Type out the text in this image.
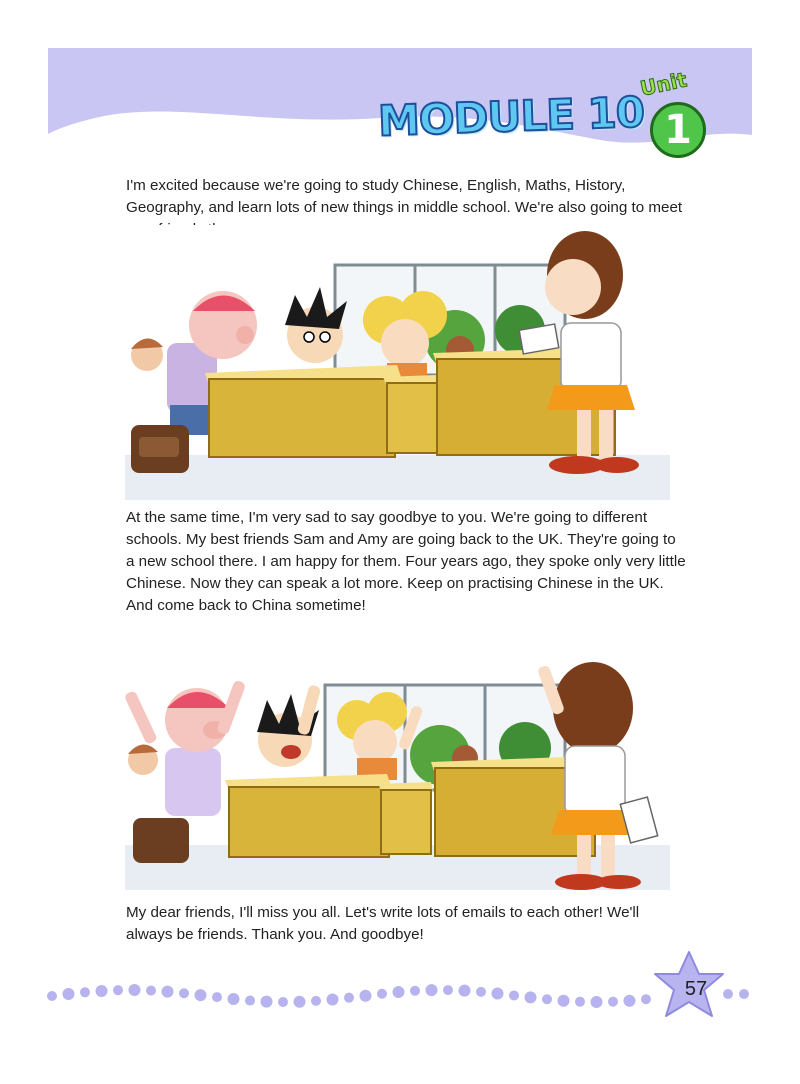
MODULE 10
Unit
1

I'm excited because we're going to study Chinese, English, Maths, History, Geography, and learn lots of new things in middle school. We're also going to meet

At the same time, I'm very sad to say goodbye to you. We're going to different schools. My best friends Sam and Amy are going back to the UK. They're going to a new school there. I am happy for them. Four years ago, they spoke only very little Chinese. Now they can speak a lot more. Keep on practising Chinese in the UK. And come back to China sometime!

My dear friends, I'll miss you all. Let's write lots of emails to each other! We'll always be friends. Thank you. And goodbye!

57
